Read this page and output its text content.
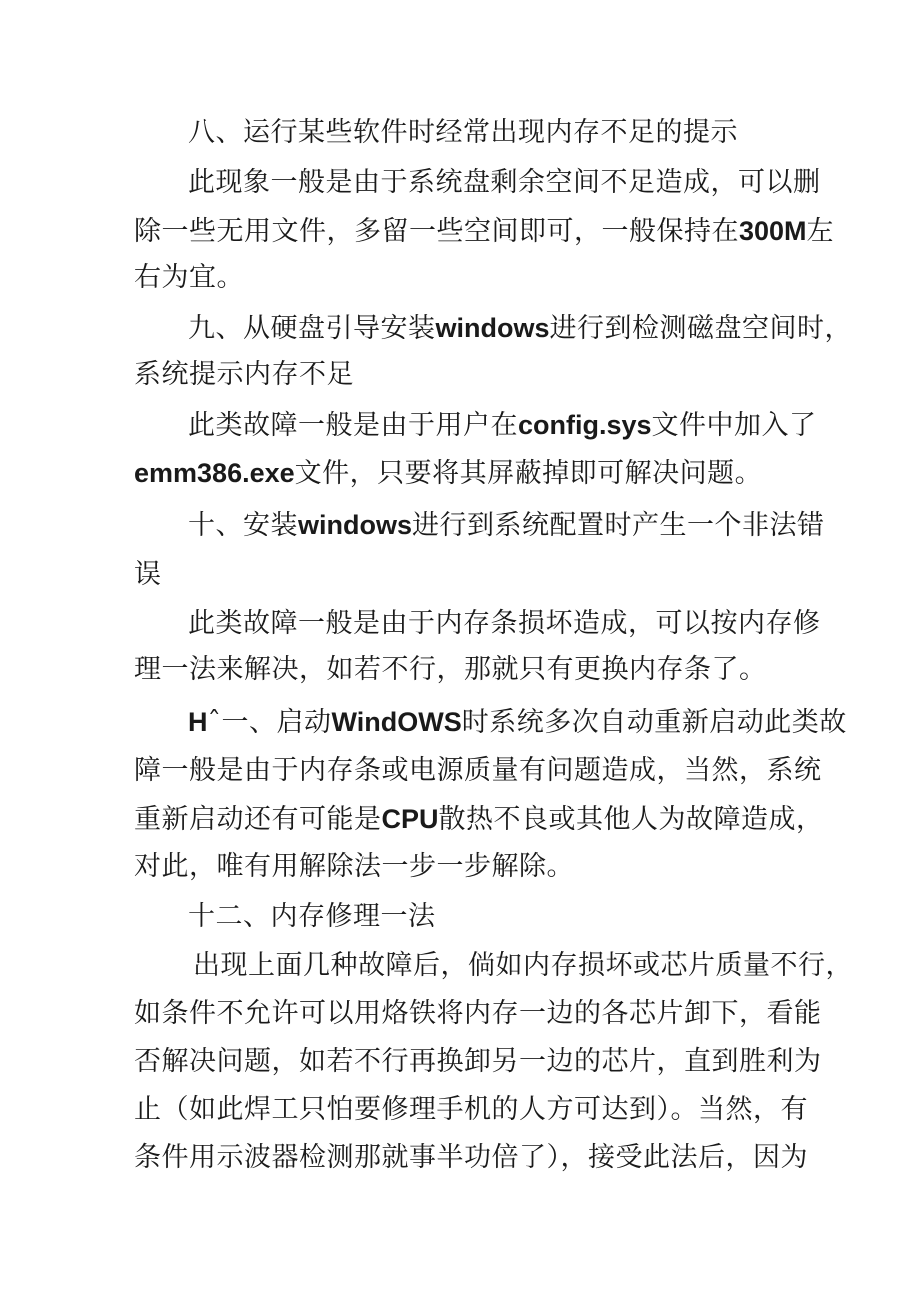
八、运行某些软件时经常出现内存不足的提示
此现象一般是由于系统盘剩余空间不足造成，可以删
除一些无用文件，多留一些空间即可，一般保持在300M左
右为宜。
九、从硬盘引导安装windows进行到检测磁盘空间时，
系统提示内存不足
此类故障一般是由于用户在config.sys文件中加入了
emm386.exe文件，只要将其屏蔽掉即可解决问题。
十、安装windows进行到系统配置时产生一个非法错
误
此类故障一般是由于内存条损坏造成，可以按内存修
理一法来解决，如若不行，那就只有更换内存条了。
Hˆ一、启动WindOWS时系统多次自动重新启动此类故
障一般是由于内存条或电源质量有问题造成，当然，系统
重新启动还有可能是CPU散热不良或其他人为故障造成，
对此，唯有用解除法一步一步解除。
十二、内存修理一法
出现上面几种故障后，倘如内存损坏或芯片质量不行，
如条件不允许可以用烙铁将内存一边的各芯片卸下，看能
否解决问题，如若不行再换卸另一边的芯片，直到胜利为
止（如此焊工只怕要修理手机的人方可达到）。当然，有
条件用示波器检测那就事半功倍了），接受此法后，因为
